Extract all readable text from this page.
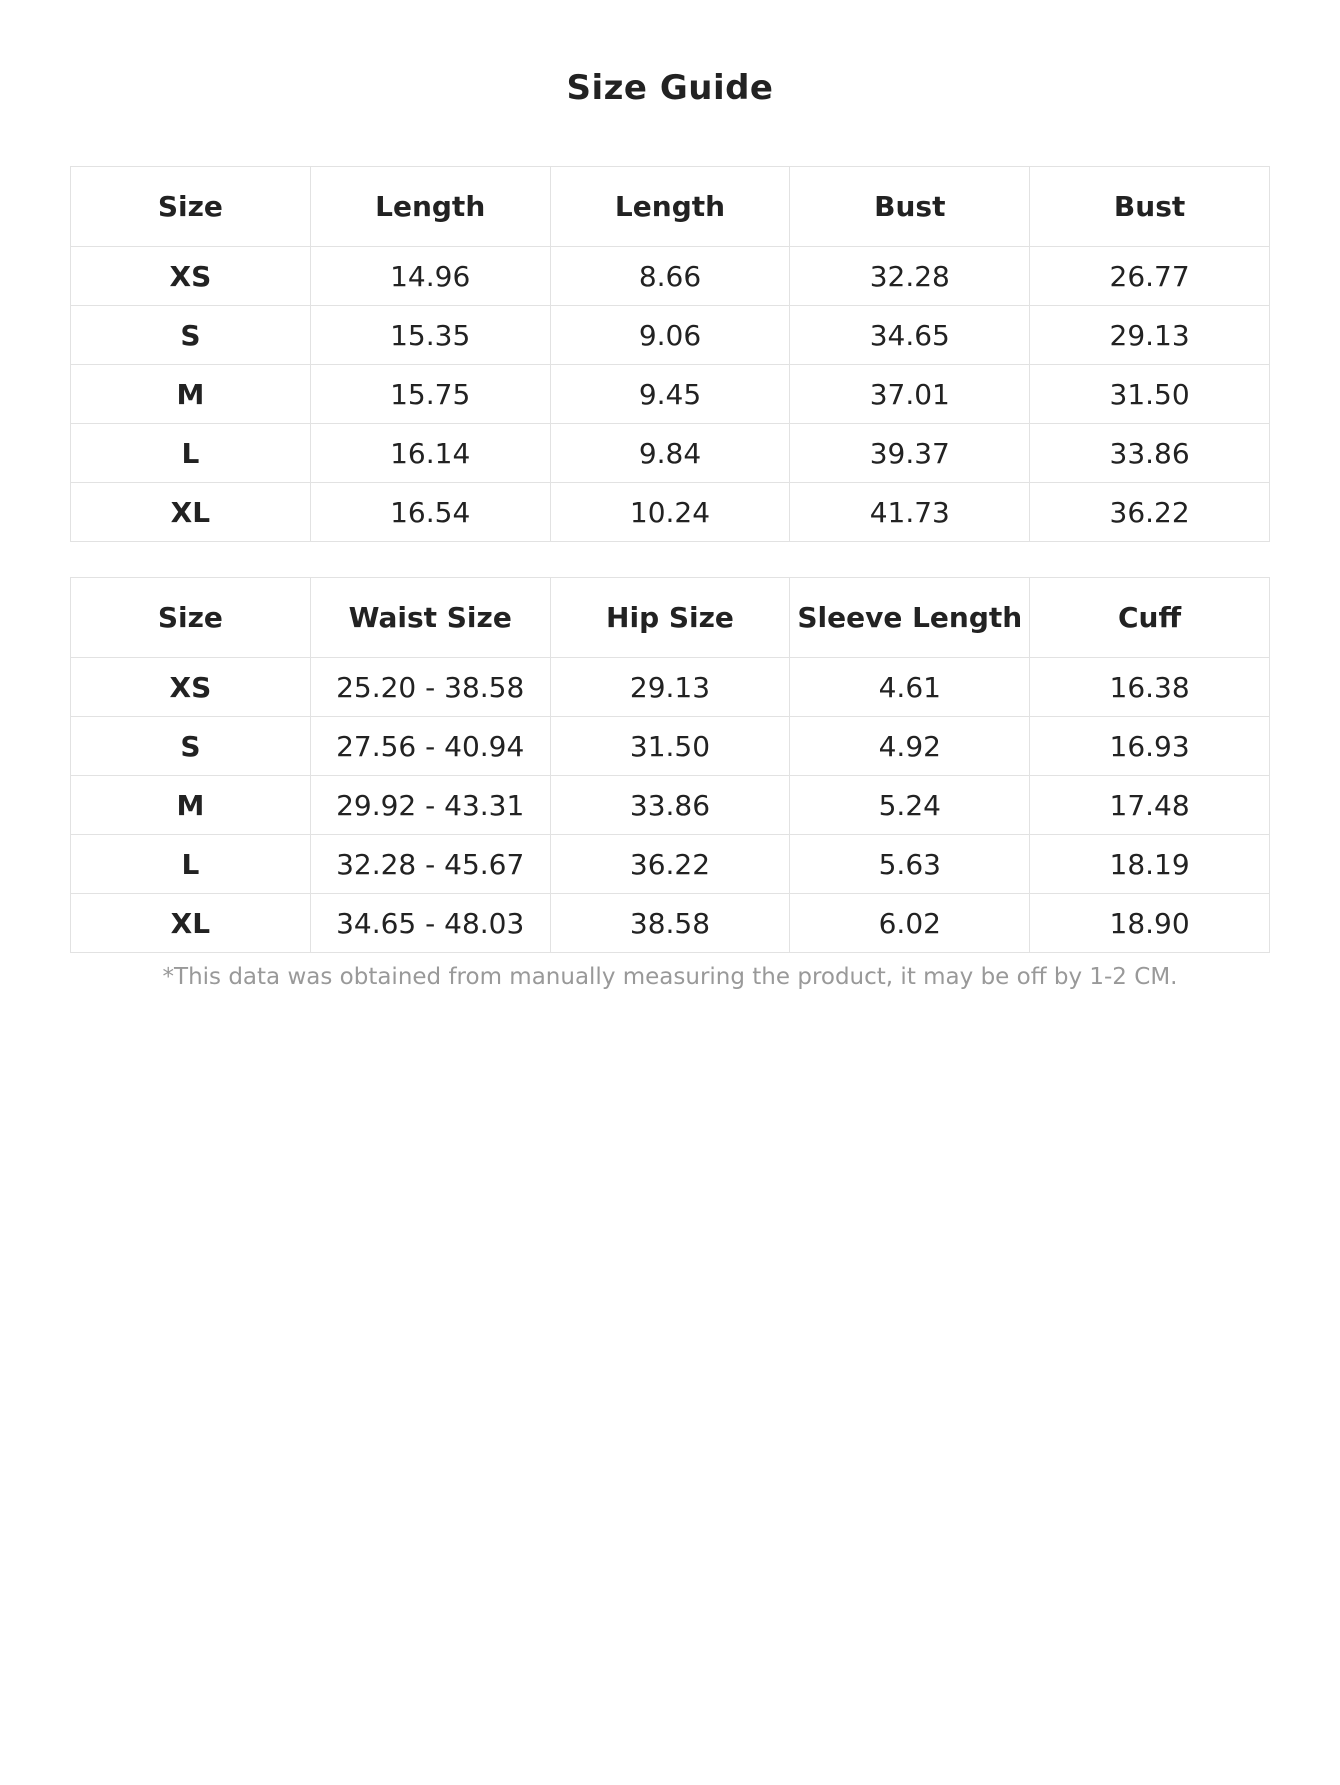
Size Guide
Size	Length	Length	Bust	Bust
XS	14.96	8.66	32.28	26.77
S	15.35	9.06	34.65	29.13
M	15.75	9.45	37.01	31.50
L	16.14	9.84	39.37	33.86
XL	16.54	10.24	41.73	36.22
Size	Waist Size	Hip Size	Sleeve Length	Cuff
XS	25.20 - 38.58	29.13	4.61	16.38
S	27.56 - 40.94	31.50	4.92	16.93
M	29.92 - 43.31	33.86	5.24	17.48
L	32.28 - 45.67	36.22	5.63	18.19
XL	34.65 - 48.03	38.58	6.02	18.90

*This data was obtained from manually measuring the product, it may be off by 1-2 CM.
